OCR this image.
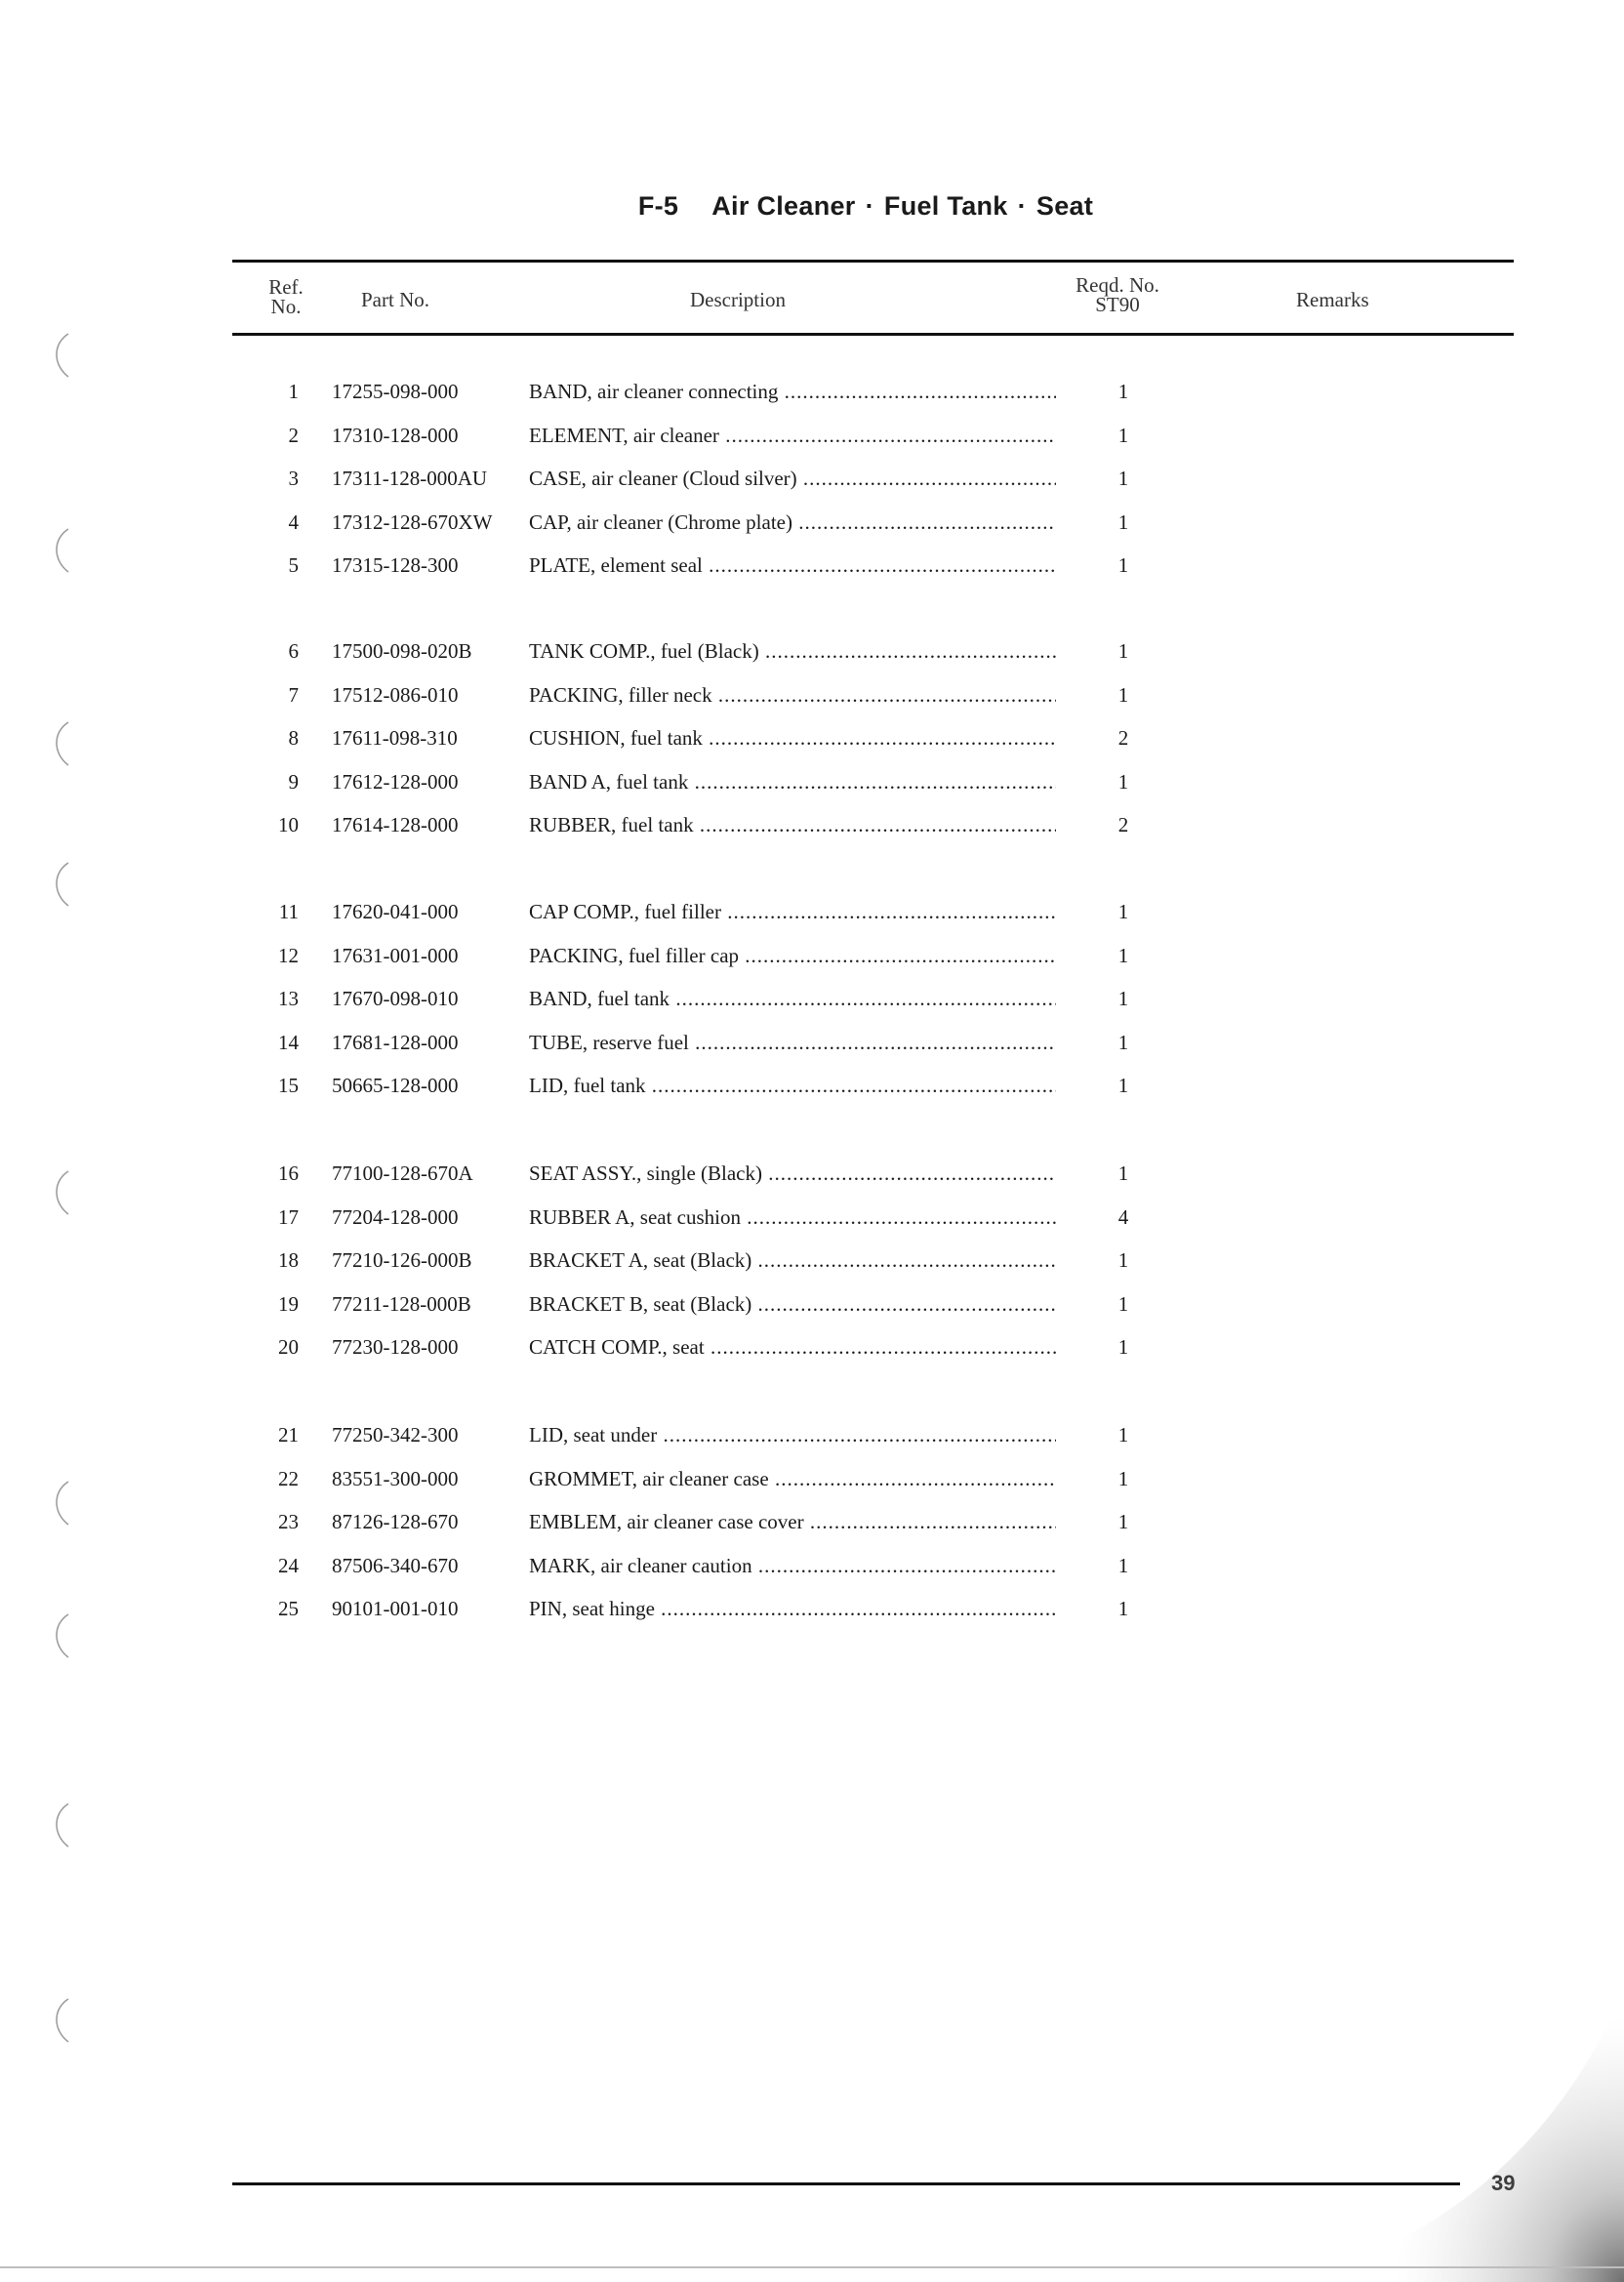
F-5 Air Cleaner · Fuel Tank · Seat
Ref.
No.	Part No.	Description
Reqd. No.
ST90	Remarks
1 17255-098-000	BAND, air cleaner connecting .....	1
2 17310-128-000	ELEMENT, air cleaner .....	1
3 17311-128-000AU CASE, air cleaner (Cloud silver) .....	1
4 17312-128-670XW CAP, air cleaner (Chrome plate) .....	1
5 17315-128-300	PLATE, element seal .....	1
6 17500-098-020B	TANK COMP., fuel (Black) .....	1
7 17512-086-010	PACKING, filler neck .....	1
8 17611-098-310	CUSHION, fuel tank .....	2
9 17612-128-000	BAND A, fuel tank .....	1
10 17614-128-000	RUBBER, fuel tank .....	2
11 17620-041-000	CAP COMP., fuel filler .....	1
12 17631-001-000	PACKING, fuel filler cap .....	1
13 17670-098-010	BAND, fuel tank .....	1
14 17681-128-000	TUBE, reserve fuel .....	1
15 50665-128-000	LID, fuel tank .....	1
16 77100-128-670A	SEAT ASSY., single (Black) .....	1
17 77204-128-000	RUBBER A, seat cushion .....	4
18 77210-126-000B	BRACKET A, seat (Black) .....	1
19 77211-128-000B	BRACKET B, seat (Black) .....	1
20 77230-128-000	CATCH COMP., seat .....	1
21 77250-342-300	LID, seat under .....	1
22 83551-300-000	GROMMET, air cleaner case .....	1
23 87126-128-670	EMBLEM, air cleaner case cover .....	1
24 87506-340-670	MARK, air cleaner caution .....	1
25 90101-001-010	PIN, seat hinge .....	1
